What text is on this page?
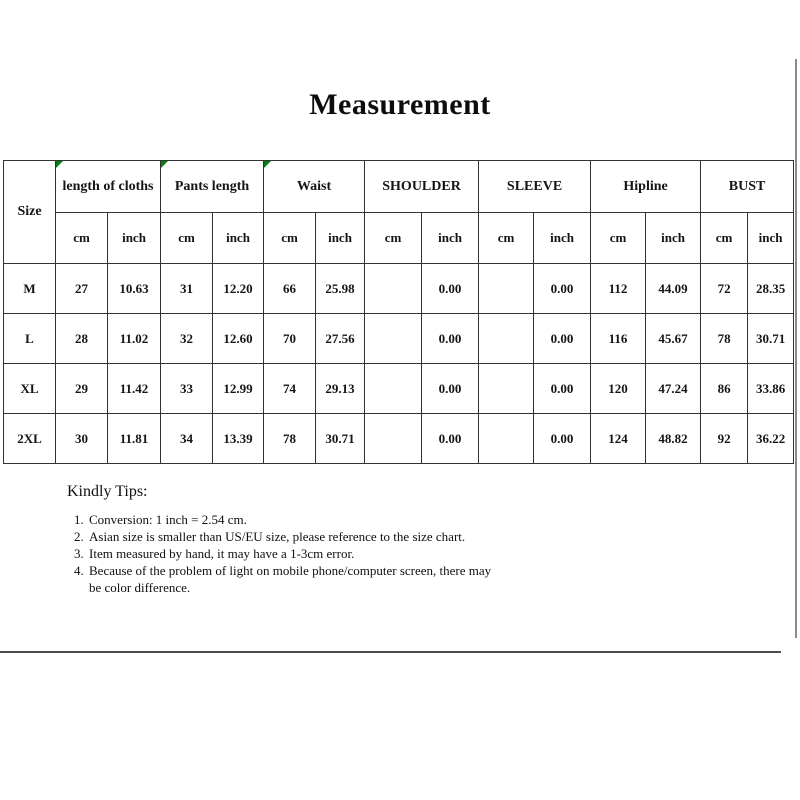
Measurement
Size	length of cloths		Pants length		Waist		SHOULDER		SLEEVE		Hipline		BUST	
	cm	inch	cm	inch	cm	inch	cm	inch	cm	inch	cm	inch	cm	inch
M	27	10.63	31	12.20	66	25.98		0.00		0.00	112	44.09	72	28.35
L	28	11.02	32	12.60	70	27.56		0.00		0.00	116	45.67	78	30.71
XL	29	11.42	33	12.99	74	29.13		0.00		0.00	120	47.24	86	33.86
2XL	30	11.81	34	13.39	78	30.71		0.00		0.00	124	48.82	92	36.22
Kindly Tips:
1. Conversion: 1 inch = 2.54 cm.
2. Asian size is smaller than US/EU size, please reference to the size chart.
3. Item measured by hand, it may have a 1-3cm error.
4. Because of the problem of light on mobile phone/computer screen, there may be color difference.
